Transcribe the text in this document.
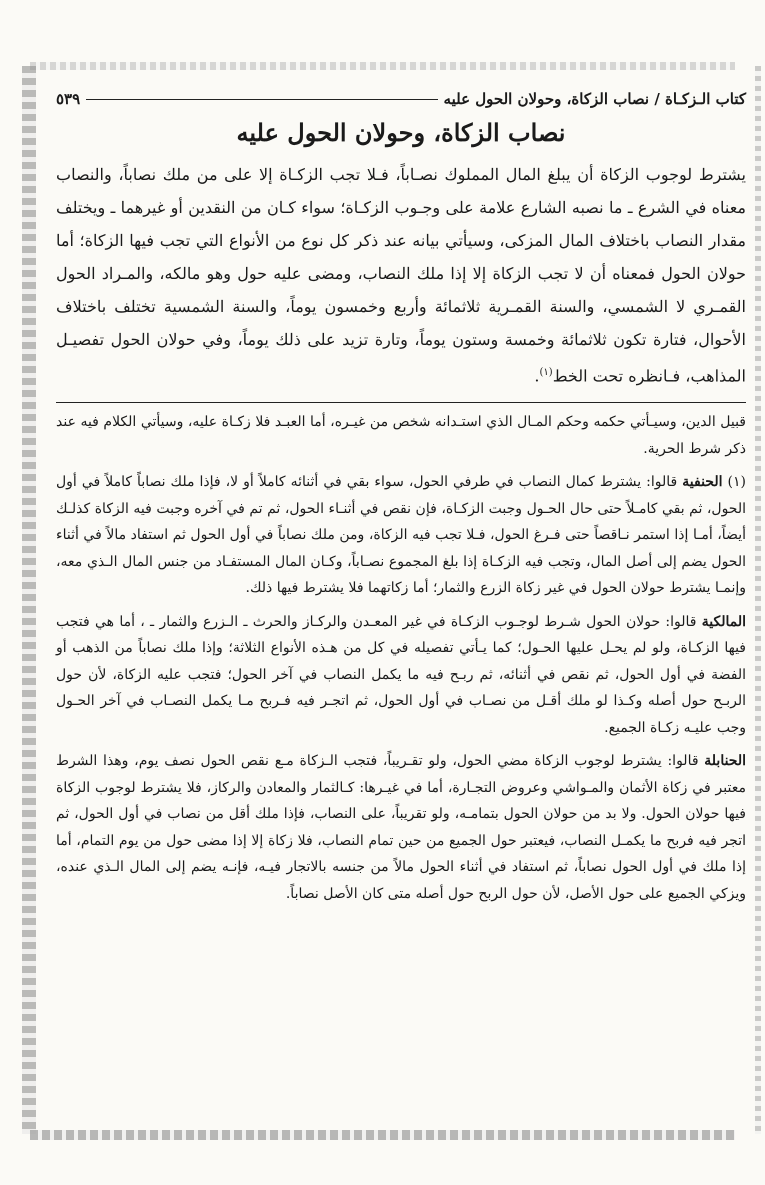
كتاب الـزكـاة / نصاب الزكاة، وحولان الحول عليه
٥٣٩
نصاب الزكاة، وحولان الحول عليه

يشترط لوجوب الزكاة أن يبلغ المال المملوك نصـاباً، فـلا تجب الزكـاة إلا على من ملك نصاباً، والنصاب معناه في الشرع ـ ما نصبه الشارع علامة على وجـوب الزكـاة؛ سواء كـان من النقدين أو غيرهما ـ ويختلف مقدار النصاب باختلاف المال المزكى، وسيأتي بيانه عند ذكر كل نوع من الأنواع التي تجب فيها الزكاة؛ أما حولان الحول فمعناه أن لا تجب الزكاة إلا إذا ملك النصاب، ومضى عليه حول وهو مالكه، والمـراد الحول القمـري لا الشمسي، والسنة القمـرية ثلاثمائة وأربع وخمسون يوماً، والسنة الشمسية تختلف باختلاف الأحوال، فتارة تكون ثلاثمائة وخمسة وستون يوماً، وتارة تزيد على ذلك يوماً، وفي حولان الحول تفصيـل المذاهب، فـانظره تحت الخط$^{(١)}$.

قبيل الدين، وسيـأتي حكمه وحكم المـال الذي استـدانه شخص من غيـره، أما العبـد فلا زكـاة عليه، وسيأتي الكلام فيه عند ذكر شرط الحرية.

(١) الحنفية قالوا: يشترط كمال النصاب في طرفي الحول، سواء بقي في أثنائه كاملاً أو لا، فإذا ملك نصاباً كاملاً في أول الحول، ثم بقي كامـلاً حتى حال الحـول وجبت الزكـاة، فإن نقص في أثنـاء الحول، ثم تم في آخره وجبت فيه الزكاة كذلـك أيضاً، أمـا إذا استمر نـاقصاً حتى فـرغ الحول، فـلا تجب فيه الزكاة، ومن ملك نصاباً في أول الحول ثم استفاد مالاً في أثناء الحول يضم إلى أصل المال، وتجب فيه الزكـاة إذا بلغ المجموع نصـاباً، وكـان المال المستفـاد من جنس المال الـذي معه، وإنمـا يشترط حولان الحول في غير زكاة الزرع والثمار؛ أما زكاتهما فلا يشترط فيها ذلك.

المالكية قالوا: حولان الحول شـرط لوجـوب الزكـاة في غير المعـدن والركـاز والحرث ـ الـزرع والثمار ـ ، أما هي فتجب فيها الزكـاة، ولو لم يحـل عليها الحـول؛ كما يـأتي تفصيله في كل من هـذه الأنواع الثلاثة؛ وإذا ملك نصاباً من الذهب أو الفضة في أول الحول، ثم نقص في أثنائه، ثم ربـح فيه ما يكمل النصاب في آخر الحول؛ فتجب عليه الزكاة، لأن حول الربـح حول أصله وكـذا لو ملك أقـل من نصـاب في أول الحول، ثم اتجـر فيه فـربح مـا يكمل النصـاب في آخر الحـول وجب عليـه زكـاة الجميع.

الحنابلة قالوا: يشترط لوجوب الزكاة مضي الحول، ولو تقـريباً، فتجب الـزكاة مـع نقص الحول نصف يوم، وهذا الشرط معتبر في زكاة الأثمان والمـواشي وعروض التجـارة، أما في غيـرها: كـالثمار والمعادن والركاز، فلا يشترط لوجوب الزكاة فيها حولان الحول. ولا بد من حولان الحول بتمامـه، ولو تقريباً، على النصاب، فإذا ملك أقل من نصاب في أول الحول، ثم اتجر فيه فربح ما يكمـل النصاب، فيعتبر حول الجميع من حين تمام النصاب، فلا زكاة إلا إذا مضى حول من يوم التمام، أما إذا ملك في أول الحول نصاباً، ثم استفاد في أثناء الحول مالاً من جنسه بالاتجار فيـه، فإنـه يضم إلى المال الـذي عنده، ويزكي الجميع على حول الأصل، لأن حول الربح حول أصله متى كان الأصل نصاباً.
